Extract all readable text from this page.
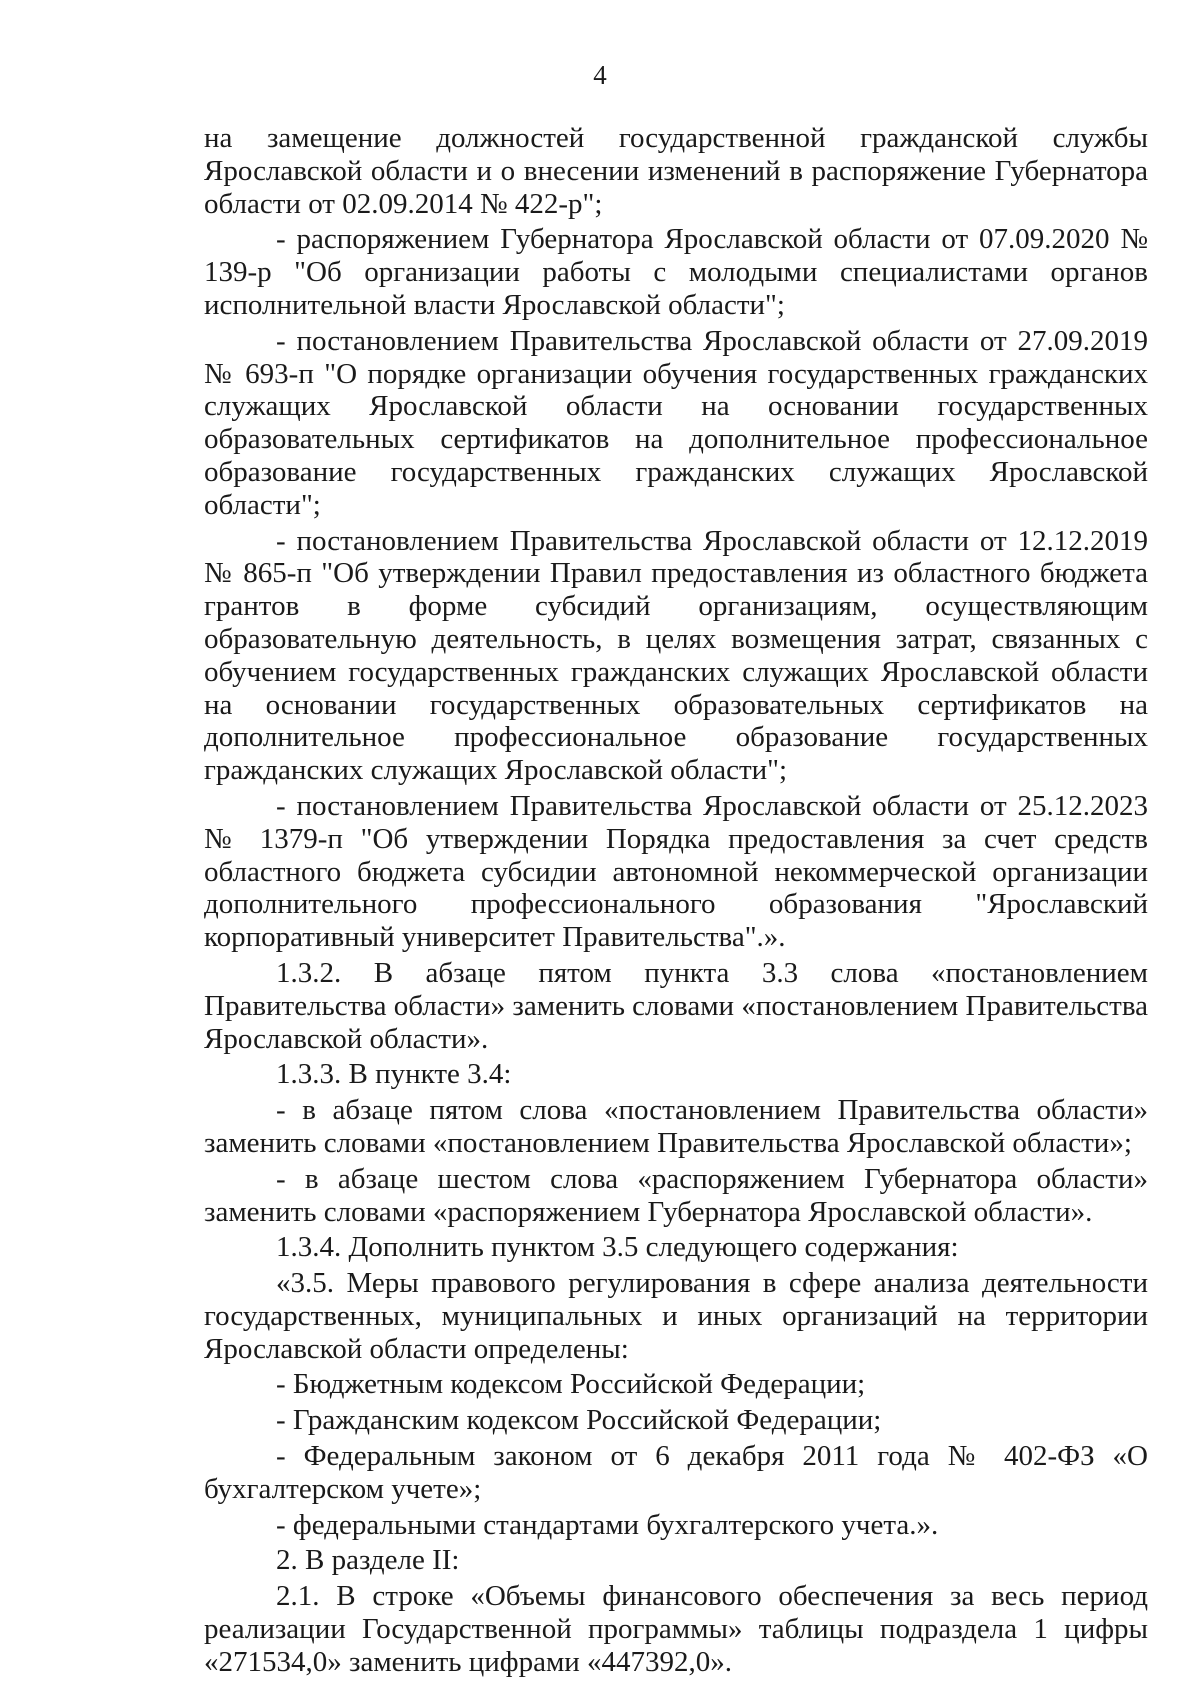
4

на замещение должностей государственной гражданской службы Ярославской области и о внесении изменений в распоряжение Губернатора области от 02.09.2014 № 422-р";

- распоряжением Губернатора Ярославской области от 07.09.2020 № 139-р "Об организации работы с молодыми специалистами органов исполнительной власти Ярославской области";

- постановлением Правительства Ярославской области от 27.09.2019 № 693-п "О порядке организации обучения государственных гражданских служащих Ярославской области на основании государственных образовательных сертификатов на дополнительное профессиональное образование государственных гражданских служащих Ярославской области";

- постановлением Правительства Ярославской области от 12.12.2019 № 865-п "Об утверждении Правил предоставления из областного бюджета грантов в форме субсидий организациям, осуществляющим образовательную деятельность, в целях возмещения затрат, связанных с обучением государственных гражданских служащих Ярославской области на основании государственных образовательных сертификатов на дополнительное профессиональное образование государственных гражданских служащих Ярославской области";

- постановлением Правительства Ярославской области от 25.12.2023 № 1379-п "Об утверждении Порядка предоставления за счет средств областного бюджета субсидии автономной некоммерческой организации дополнительного профессионального образования "Ярославский корпоративный университет Правительства".».

1.3.2. В абзаце пятом пункта 3.3 слова «постановлением Правительства области» заменить словами «постановлением Правительства Ярославской области».

1.3.3. В пункте 3.4:

- в абзаце пятом слова «постановлением Правительства области» заменить словами «постановлением Правительства Ярославской области»;

- в абзаце шестом слова «распоряжением Губернатора области» заменить словами «распоряжением Губернатора Ярославской области».

1.3.4. Дополнить пунктом 3.5 следующего содержания:

«3.5. Меры правового регулирования в сфере анализа деятельности государственных, муниципальных и иных организаций на территории Ярославской области определены:

- Бюджетным кодексом Российской Федерации;

- Гражданским кодексом Российской Федерации;

- Федеральным законом от 6 декабря 2011 года № 402-ФЗ «О бухгалтерском учете»;

- федеральными стандартами бухгалтерского учета.».

2. В разделе II:

2.1. В строке «Объемы финансового обеспечения за весь период реализации Государственной программы» таблицы подраздела 1 цифры «271534,0» заменить цифрами «447392,0».
